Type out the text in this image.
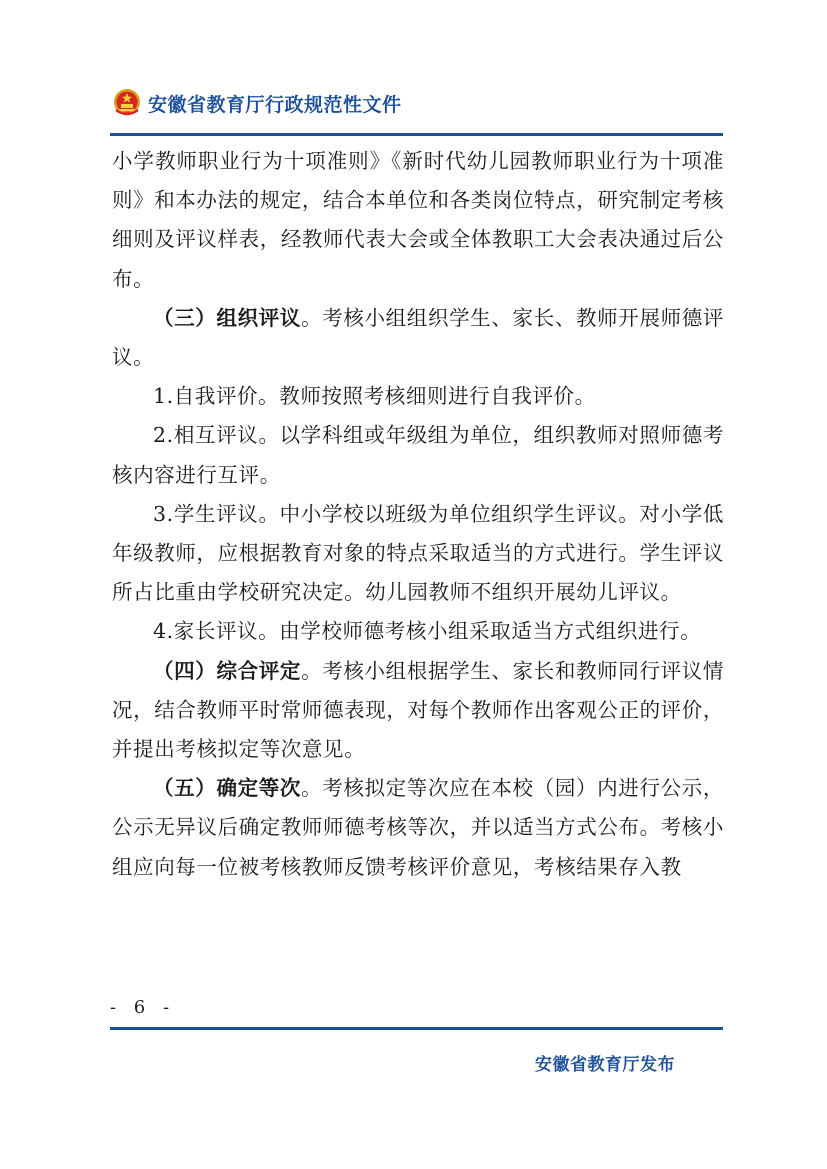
安徽省教育厅行政规范性文件

小学教师职业行为十项准则》《新时代幼儿园教师职业行为十项准则》和本办法的规定，结合本单位和各类岗位特点，研究制定考核细则及评议样表，经教师代表大会或全体教职工大会表决通过后公布。

（三）组织评议。考核小组组织学生、家长、教师开展师德评议。

1.自我评价。教师按照考核细则进行自我评价。

2.相互评议。以学科组或年级组为单位，组织教师对照师德考核内容进行互评。

3.学生评议。中小学校以班级为单位组织学生评议。对小学低年级教师，应根据教育对象的特点采取适当的方式进行。学生评议所占比重由学校研究决定。幼儿园教师不组织开展幼儿评议。

4.家长评议。由学校师德考核小组采取适当方式组织进行。

（四）综合评定。考核小组根据学生、家长和教师同行评议情况，结合教师平时常师德表现，对每个教师作出客观公正的评价，并提出考核拟定等次意见。

（五）确定等次。考核拟定等次应在本校（园）内进行公示，公示无异议后确定教师师德考核等次，并以适当方式公布。考核小组应向每一位被考核教师反馈考核评价意见，考核结果存入教

- 6 -
安徽省教育厅发布
